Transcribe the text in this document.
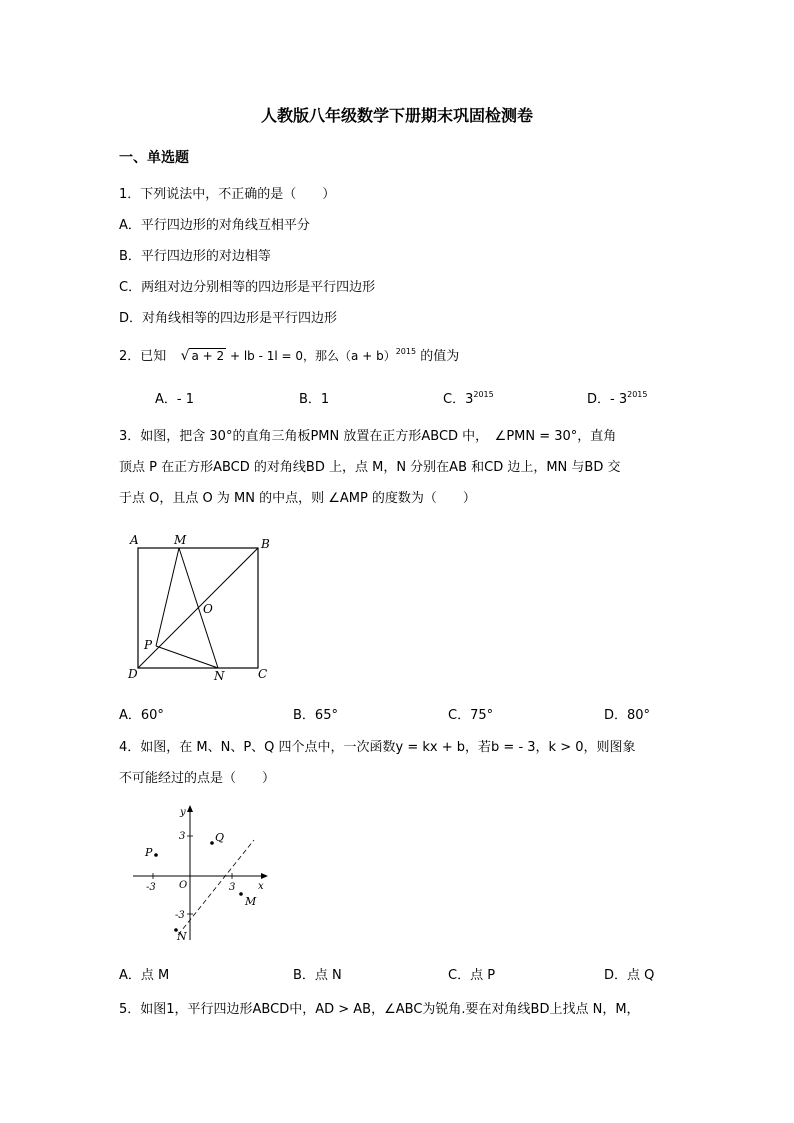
人教版八年级数学下册期末巩固检测卷
一、单选题
1．下列说法中，不正确的是（　　）
A．平行四边形的对角线互相平分
B．平行四边形的对边相等
C．两组对边分别相等的四边形是平行四边形
D．对角线相等的四边形是平行四边形
2．已知 √ a + 2 + lb - 1l = 0，那么$(a + b)^{2015}$ 的值为
A．- 1	B．1	C．$3^{2015}$	D．- $3^{2015}$
3．如图，把含 30°的直角三角板PMN 放置在正方形ABCD 中，　∠PMN = 30°，直角
顶点 P 在正方形ABCD 的对角线BD 上，点 M，N 分别在AB 和CD 边上，MN 与BD 交
于点 O，且点 O 为 MN 的中点，则 ∠AMP 的度数为（　　）
A	M	B
O
P
D	N	C
A．60°	B．65°	C．75°	D．80°
4．如图，在 M、N、P、Q 四个点中，一次函数y = kx + b，若b = - 3，k > 0，则图象
不可能经过的点是（　　）
y
x
O
P
Q
M
N
3
3
-3
-3
A．点 M	B．点 N	C．点 P	D．点 Q
5．如图1，平行四边形ABCD中，AD > AB，∠ABC为锐角.要在对角线BD上找点 N，M，
